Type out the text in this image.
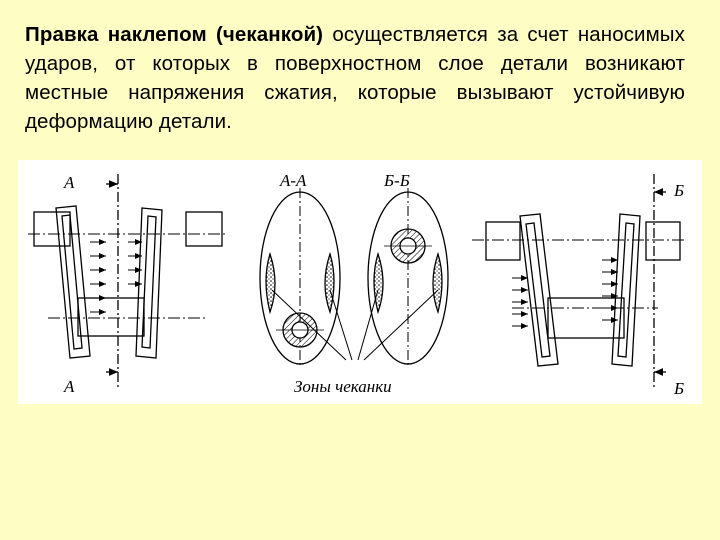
Правка наклепом (чеканкой) осуществляется за счет наносимых ударов, от которых в поверхностном слое детали возникают местные напряжения сжатия, которые вызывают устойчивую деформацию детали.
А
А
А-А	Б-Б
Зоны чеканки
Б
Б
